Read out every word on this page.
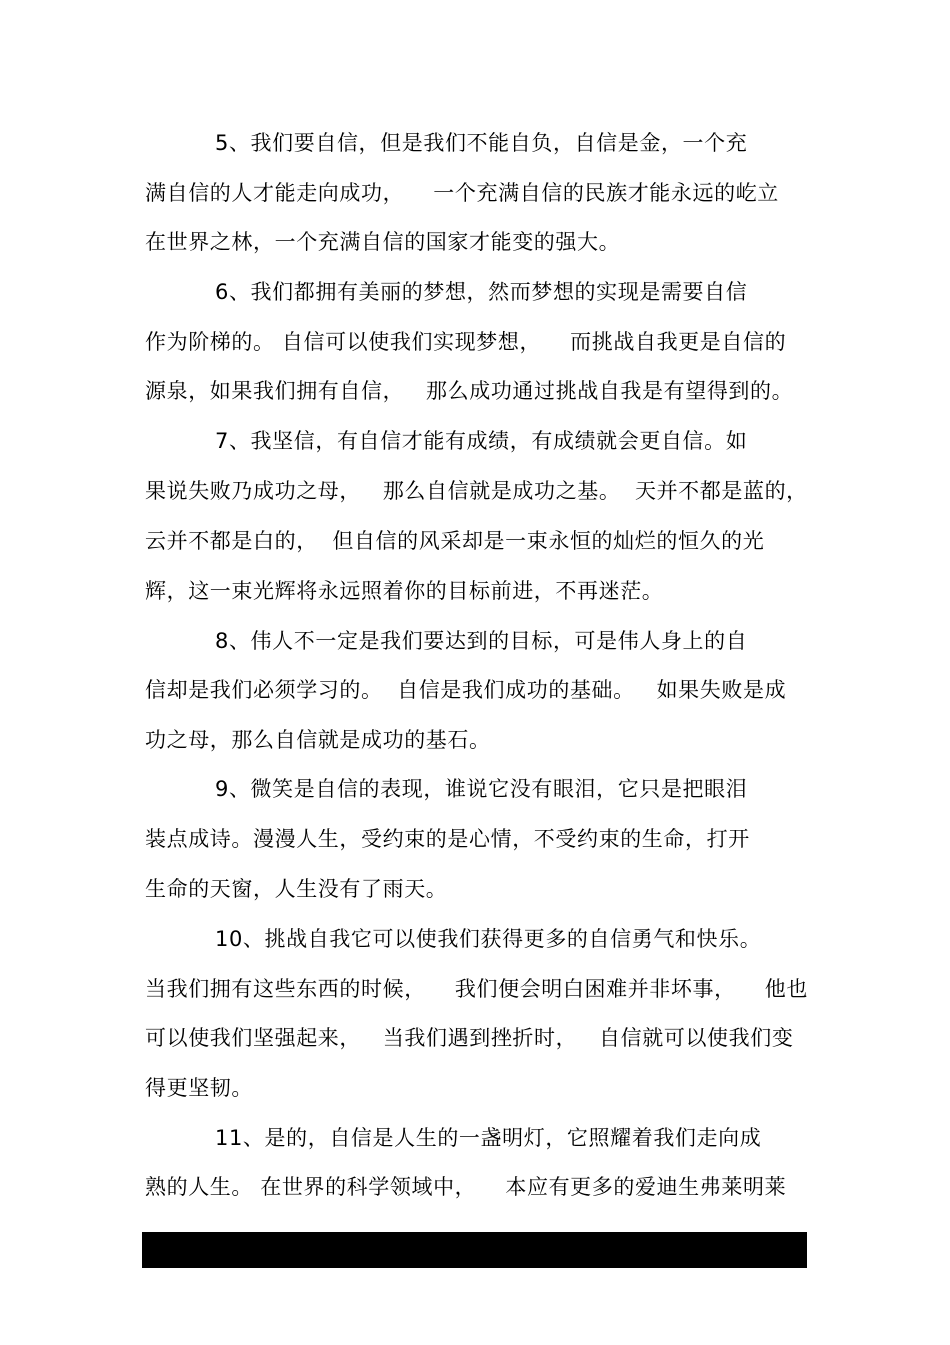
5、我们要自信，但是我们不能自负，自信是金，一个充
满自信的人才能走向成功，    一个充满自信的民族才能永远的屹立
在世界之林，一个充满自信的国家才能变的强大。
6、我们都拥有美丽的梦想，然而梦想的实现是需要自信
作为阶梯的。 自信可以使我们实现梦想，    而挑战自我更是自信的
源泉，如果我们拥有自信，   那么成功通过挑战自我是有望得到的。
7、我坚信，有自信才能有成绩，有成绩就会更自信。如
果说失败乃成功之母，   那么自信就是成功之基。  天并不都是蓝的，
云并不都是白的，  但自信的风采却是一束永恒的灿烂的恒久的光
辉，这一束光辉将永远照着你的目标前进，不再迷茫。
8、伟人不一定是我们要达到的目标，可是伟人身上的自
信却是我们必须学习的。  自信是我们成功的基础。   如果失败是成
功之母，那么自信就是成功的基石。
9、微笑是自信的表现，谁说它没有眼泪，它只是把眼泪
装点成诗。漫漫人生，受约束的是心情，不受约束的生命，打开
生命的天窗，人生没有了雨天。
10、挑战自我它可以使我们获得更多的自信勇气和快乐。
当我们拥有这些东西的时候，    我们便会明白困难并非坏事，    他也
可以使我们坚强起来，   当我们遇到挫折时，   自信就可以使我们变
得更坚韧。
11、是的，自信是人生的一盏明灯，它照耀着我们走向成
熟的人生。 在世界的科学领域中，    本应有更多的爱迪生弗莱明莱
